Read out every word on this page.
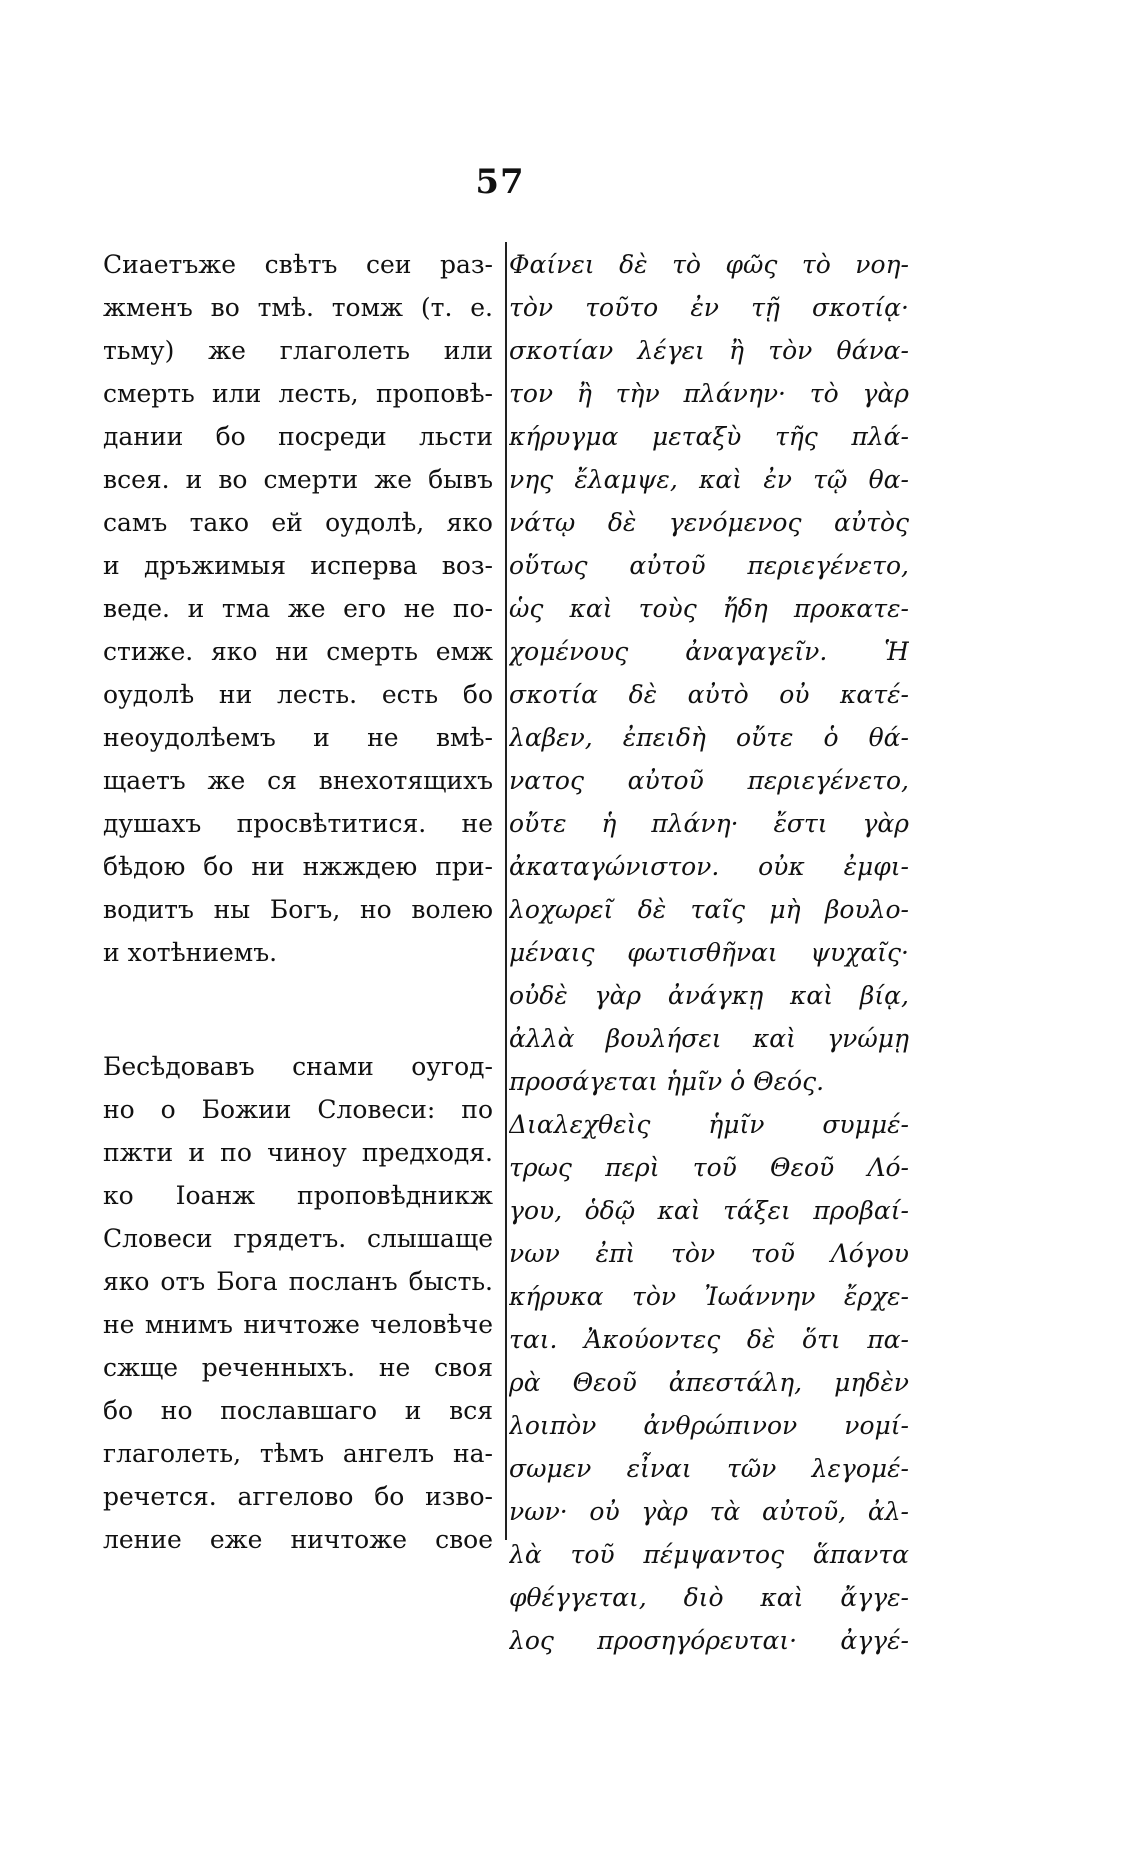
57
Сиаетъже свѣтъ сеи раз-
жменъ во тмѣ. томж (т. е.
тьму) же глаголеть или
смерть или лесть, проповѣ-
дании бо посреди льсти
всея. и во смерти же бывъ
самъ тако ей оудолѣ, яко
и дръжимыя исперва воз-
веде. и тма же его не по-
стиже. яко ни смерть емж
оудолѣ ни лесть. есть бо
неоудолѣемъ и не вмѣ-
щаетъ же ся внехотящихъ
душахъ просвѣтитися. не
бѣдою бо ни нжждею при-
водитъ ны Богъ, но волею
и хотѣниемъ.
Бесѣдовавъ снами оугод-
но о Божии Словеси: по
пжти и по чиноу предходя.
ко Іоанж проповѣдникж
Словеси грядетъ. слышаще
яко отъ Бога посланъ бысть.
не мнимъ ничтоже человѣче
сжще реченныхъ. не своя
бо но пославшаго и вся
глаголеть, тѣмъ ангелъ на-
речется. аггелово бо изво-
ление еже ничтоже свое
Φαίνει δὲ τὸ φῶς τὸ νοη-
τὸν τοῦτο ἐν τῇ σκοτίᾳ·
σκοτίαν λέγει ἢ τὸν θάνα-
τον ἢ τὴν πλάνην· τὸ γὰρ
κήρυγμα μεταξὺ τῆς πλά-
νης ἔλαμψε, καὶ ἐν τῷ θα-
νάτῳ δὲ γενόμενος αὐτὸς
οὕτως αὐτοῦ περιεγένετο,
ὡς καὶ τοὺς ἤδη προκατε-
χομένους ἀναγαγεῖν. Ἡ
σκοτία δὲ αὐτὸ οὐ κατέ-
λαβεν, ἐπειδὴ οὔτε ὁ θά-
νατος αὐτοῦ περιεγένετο,
οὔτε ἡ πλάνη· ἔστι γὰρ
ἀκαταγώνιστον. οὐκ ἐμφι-
λοχωρεῖ δὲ ταῖς μὴ βουλο-
μέναις φωτισθῆναι ψυχαῖς·
οὐδὲ γὰρ ἀνάγκῃ καὶ βίᾳ,
ἀλλὰ βουλήσει καὶ γνώμῃ
προσάγεται ἡμῖν ὁ Θεός.
Διαλεχθεὶς ἡμῖν συμμέ-
τρως περὶ τοῦ Θεοῦ Λό-
γου, ὁδῷ καὶ τάξει προβαί-
νων ἐπὶ τὸν τοῦ Λόγου
κήρυκα τὸν Ἰωάννην ἔρχε-
ται. Ἀκούοντες δὲ ὅτι πα-
ρὰ Θεοῦ ἀπεστάλη, μηδὲν
λοιπὸν ἀνθρώπινον νομί-
σωμεν εἶναι τῶν λεγομέ-
νων· οὐ γὰρ τὰ αὐτοῦ, ἀλ-
λὰ τοῦ πέμψαντος ἅπαντα
φθέγγεται, διὸ καὶ ἄγγε-
λος προσηγόρευται· ἀγγέ-
